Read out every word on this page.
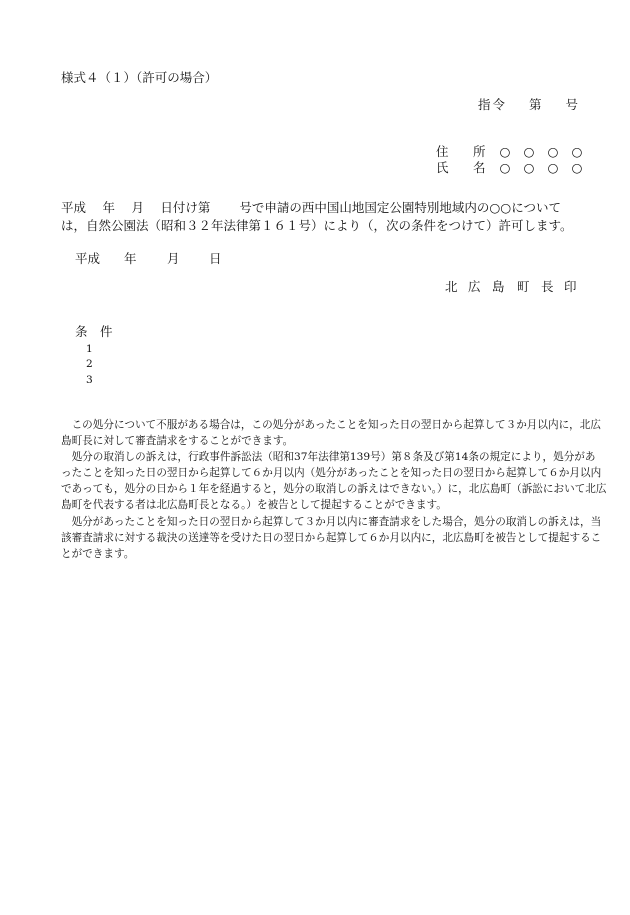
様式４（１）（許可の場合）
指令 第 号
住　所 ○ ○ ○ ○
氏　名 ○ ○ ○ ○
平成　 年　 月　 日付け第　　 号で申請の西中国山地国定公園特別地域内の○○について
は，自然公園法（昭和３２年法律第１６１号）により（，次の条件をつけて）許可します。
平成 年 月 日
北 広 島 町 長 印
条　件
1
2
3
　この処分について不服がある場合は，この処分があったことを知った日の翌日から起算して３か月以内に，北広
島町長に対して審査請求をすることができます。
　処分の取消しの訴えは，行政事件訴訟法（昭和37年法律第139号）第８条及び第14条の規定により，処分があ
ったことを知った日の翌日から起算して６か月以内（処分があったことを知った日の翌日から起算して６か月以内
であっても，処分の日から１年を経過すると，処分の取消しの訴えはできない。）に，北広島町（訴訟において北広
島町を代表する者は北広島町長となる。）を被告として提起することができます。
　処分があったことを知った日の翌日から起算して３か月以内に審査請求をした場合，処分の取消しの訴えは，当
該審査請求に対する裁決の送達等を受けた日の翌日から起算して６か月以内に，北広島町を被告として提起するこ
とができます。
